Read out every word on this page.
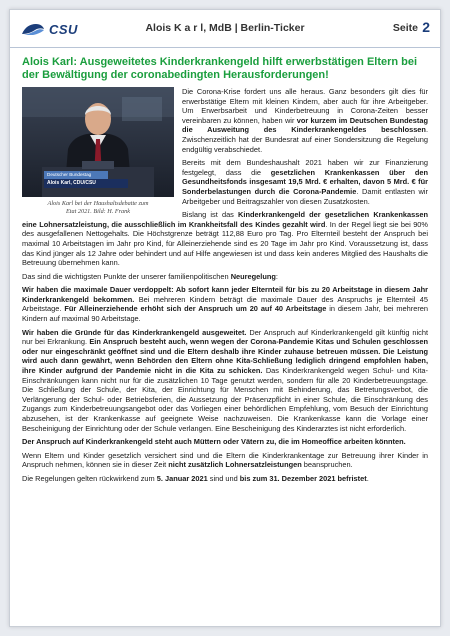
CSU	Alois K a r l, MdB | Berlin-Ticker	Seite 2
Alois Karl: Ausgeweitetes Kinderkrankengeld hilft erwerbstätigen Eltern bei der Bewältigung der coronabedingten Herausforderungen!
Deutscher Bundestag
Alois Karl, CDU/CSU
Alois Karl bei der Haushaltsdebatte zum
Etat 2021. Bild: H. Frank

Die Corona-Krise fordert uns alle heraus. Ganz besonders gilt dies für erwerbstätige Eltern mit kleinen Kindern, aber auch für ihre Arbeitgeber. Um Erwerbsarbeit und Kinderbetreuung in Corona-Zeiten besser vereinbaren zu können, haben wir vor kurzem im Deutschen Bundestag die Ausweitung des Kinderkrankengeldes beschlossen. Zwischenzeitlich hat der Bundesrat auf einer Sondersitzung die Regelung endgültig verabschiedet.

Bereits mit dem Bundeshaushalt 2021 haben wir zur Finanzierung festgelegt, dass die gesetzlichen Krankenkassen über den Gesundheitsfonds insgesamt 19,5 Mrd. € erhalten, davon 5 Mrd. € für Sonderbelastungen durch die Corona-Pandemie. Damit entlasten wir Arbeitgeber und Beitragszahler von diesen Zusatzkosten.

Bislang ist das Kinderkrankengeld der gesetzlichen Krankenkassen eine Lohnersatzleistung, die ausschließlich im Krankheitsfall des Kindes gezahlt wird. In der Regel liegt sie bei 90% des ausgefallenen Nettogehalts. Die Höchstgrenze beträgt 112,88 Euro pro Tag. Pro Elternteil besteht der Anspruch bei maximal 10 Arbeitstagen im Jahr pro Kind, für Alleinerziehende sind es 20 Tage im Jahr pro Kind. Voraussetzung ist, dass das Kind jünger als 12 Jahre oder behindert und auf Hilfe angewiesen ist und dass kein anderes Mitglied des Haushalts die Betreuung übernehmen kann.

Das sind die wichtigsten Punkte der unserer familienpolitischen Neuregelung:

Wir haben die maximale Dauer verdoppelt: Ab sofort kann jeder Elternteil für bis zu 20 Arbeitstage in diesem Jahr Kinderkrankengeld bekommen. Bei mehreren Kindern beträgt die maximale Dauer des Anspruchs je Elternteil 45 Arbeitstage. Für Alleinerziehende erhöht sich der Anspruch um 20 auf 40 Arbeitstage in diesem Jahr, bei mehreren Kindern auf maximal 90 Arbeitstage.

Wir haben die Gründe für das Kinderkrankengeld ausgeweitet. Der Anspruch auf Kinderkrankengeld gilt künftig nicht nur bei Erkrankung. Ein Anspruch besteht auch, wenn wegen der Corona-Pandemie Kitas und Schulen geschlossen oder nur eingeschränkt geöffnet sind und die Eltern deshalb ihre Kinder zuhause betreuen müssen. Die Leistung wird auch dann gewährt, wenn Behörden den Eltern ohne Kita-Schließung lediglich dringend empfohlen haben, ihre Kinder aufgrund der Pandemie nicht in die Kita zu schicken. Das Kinderkrankengeld wegen Schul- und Kita-Einschränkungen kann nicht nur für die zusätzlichen 10 Tage genutzt werden, sondern für alle 20 Kinderbetreuungstage. Die Schließung der Schule, der Kita, der Einrichtung für Menschen mit Behinderung, das Betretungsverbot, die Verlängerung der Schul- oder Betriebsferien, die Aussetzung der Präsenzpflicht in einer Schule, die Einschränkung des Zugangs zum Kinderbetreuungsangebot oder das Vorliegen einer behördlichen Empfehlung, vom Besuch der Einrichtung abzusehen, ist der Krankenkasse auf geeignete Weise nachzuweisen. Die Krankenkasse kann die Vorlage einer Bescheinigung der Einrichtung oder der Schule verlangen. Eine Bescheinigung des Kinderarztes ist nicht erforderlich.

Der Anspruch auf Kinderkrankengeld steht auch Müttern oder Vätern zu, die im Homeoffice arbeiten könnten.

Wenn Eltern und Kinder gesetzlich versichert sind und die Eltern die Kinderkrankentage zur Betreuung ihrer Kinder in Anspruch nehmen, können sie in dieser Zeit nicht zusätzlich Lohnersatzleistungen beanspruchen.

Die Regelungen gelten rückwirkend zum 5. Januar 2021 sind und bis zum 31. Dezember 2021 befristet.
